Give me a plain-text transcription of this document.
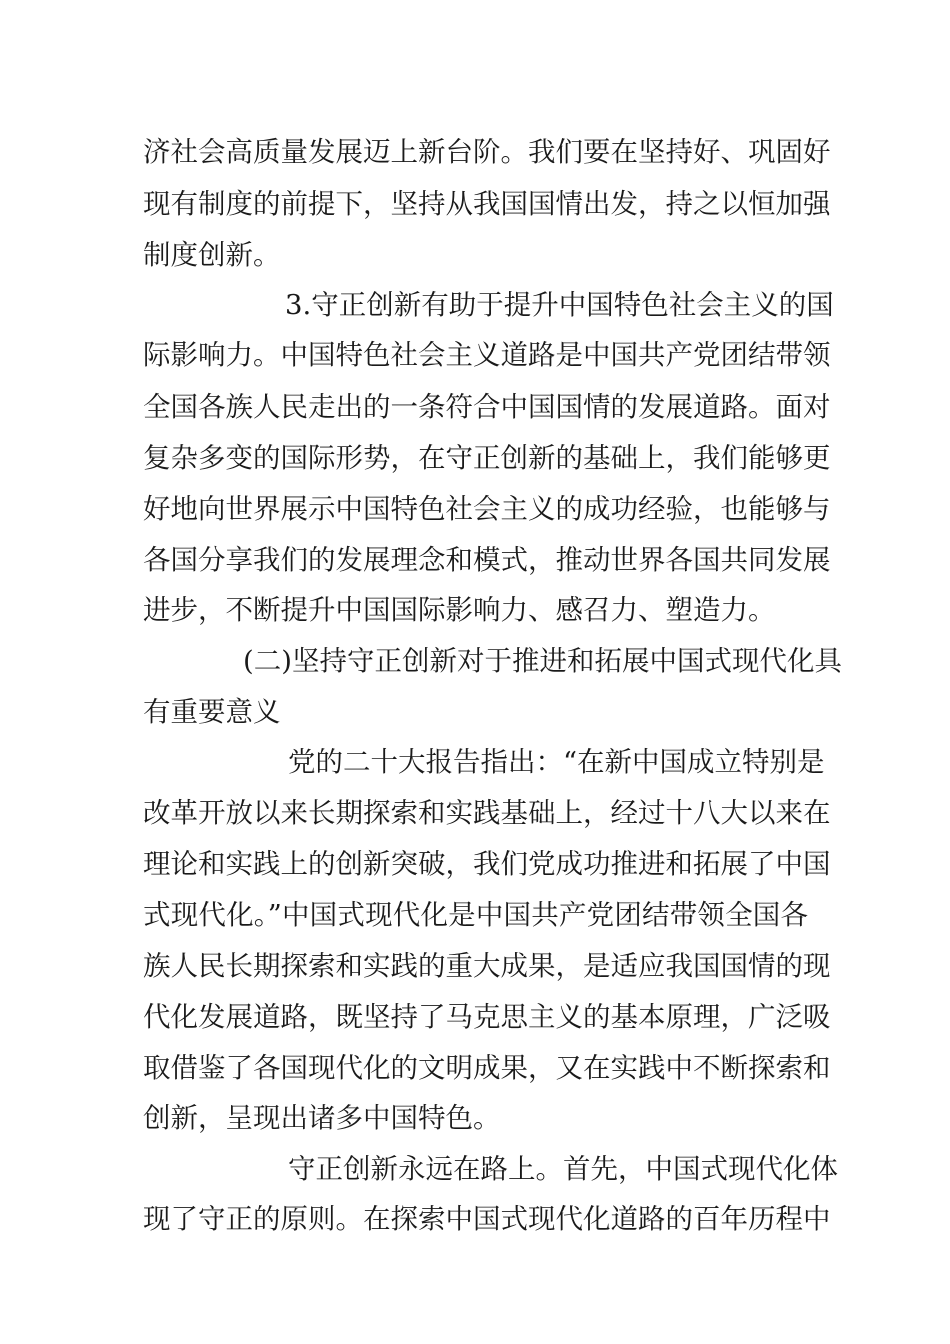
济社会高质量发展迈上新台阶。我们要在坚持好、巩固好
现有制度的前提下，坚持从我国国情出发，持之以恒加强
制度创新。
3.守正创新有助于提升中国特色社会主义的国
际影响力。中国特色社会主义道路是中国共产党团结带领
全国各族人民走出的一条符合中国国情的发展道路。面对
复杂多变的国际形势，在守正创新的基础上，我们能够更
好地向世界展示中国特色社会主义的成功经验，也能够与
各国分享我们的发展理念和模式，推动世界各国共同发展
进步，不断提升中国国际影响力、感召力、塑造力。
(二)坚持守正创新对于推进和拓展中国式现代化具
有重要意义
党的二十大报告指出：“在新中国成立特别是
改革开放以来长期探索和实践基础上，经过十八大以来在
理论和实践上的创新突破，我们党成功推进和拓展了中国
式现代化。”中国式现代化是中国共产党团结带领全国各
族人民长期探索和实践的重大成果，是适应我国国情的现
代化发展道路，既坚持了马克思主义的基本原理，广泛吸
取借鉴了各国现代化的文明成果，又在实践中不断探索和
创新，呈现出诸多中国特色。
守正创新永远在路上。首先，中国式现代化体
现了守正的原则。在探索中国式现代化道路的百年历程中
